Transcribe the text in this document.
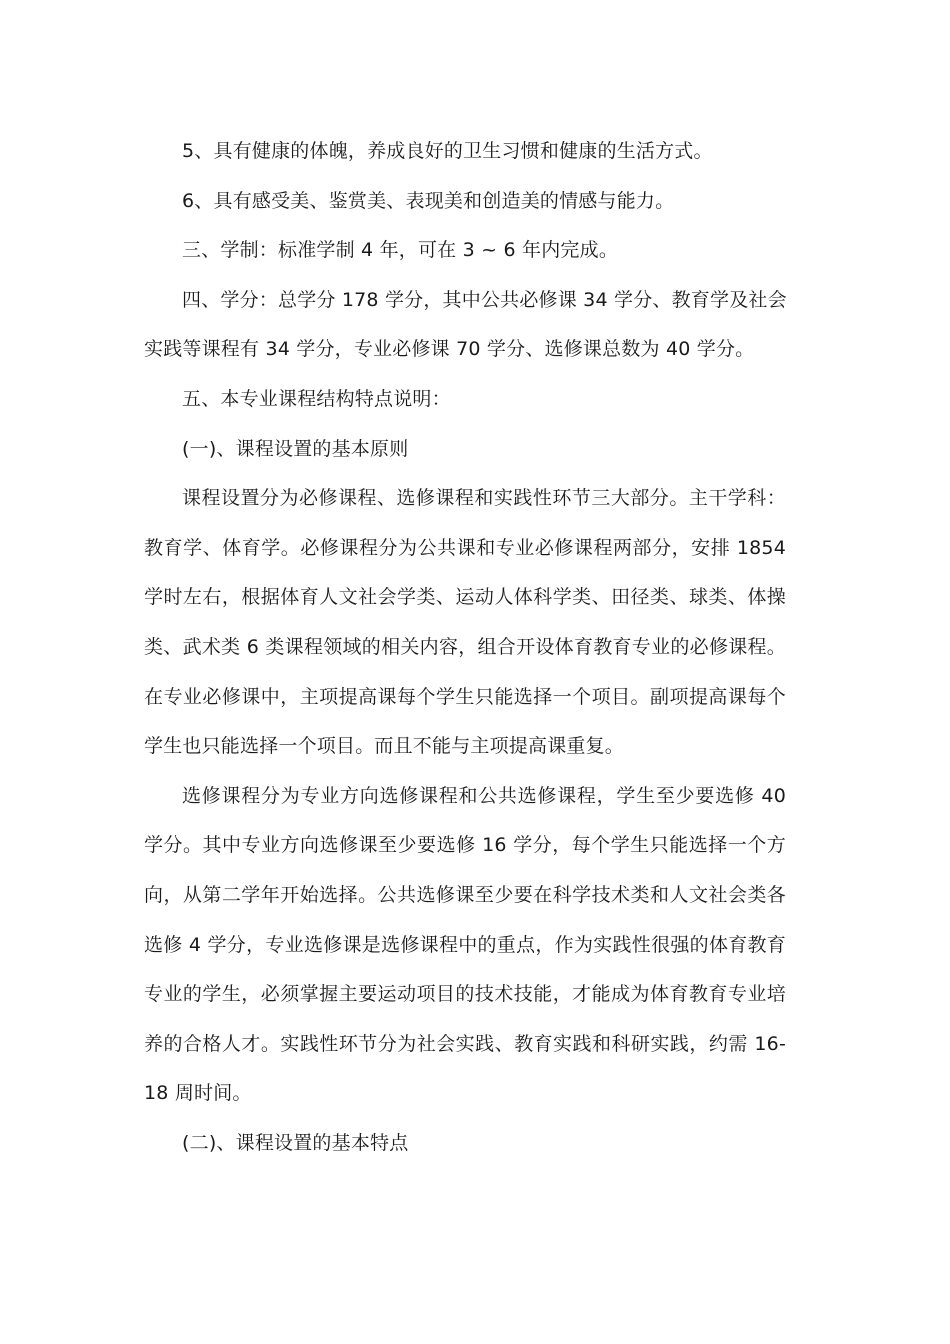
5、具有健康的体魄，养成良好的卫生习惯和健康的生活方式。

6、具有感受美、鉴赏美、表现美和创造美的情感与能力。

三、学制：标准学制 4 年，可在 3 ~ 6 年内完成。

四、学分：总学分 178 学分，其中公共必修课 34 学分、教育学及社会
实践等课程有 34 学分，专业必修课 70 学分、选修课总数为 40 学分。

五、本专业课程结构特点说明：

(一)、课程设置的基本原则

课程设置分为必修课程、选修课程和实践性环节三大部分。主干学科：
教育学、体育学。必修课程分为公共课和专业必修课程两部分，安排 1854
学时左右，根据体育人文社会学类、运动人体科学类、田径类、球类、体操
类、武术类 6 类课程领域的相关内容，组合开设体育教育专业的必修课程。
在专业必修课中，主项提高课每个学生只能选择一个项目。副项提高课每个
学生也只能选择一个项目。而且不能与主项提高课重复。

选修课程分为专业方向选修课程和公共选修课程，学生至少要选修 40
学分。其中专业方向选修课至少要选修 16 学分，每个学生只能选择一个方
向，从第二学年开始选择。公共选修课至少要在科学技术类和人文社会类各
选修 4 学分，专业选修课是选修课程中的重点，作为实践性很强的体育教育
专业的学生，必须掌握主要运动项目的技术技能，才能成为体育教育专业培
养的合格人才。实践性环节分为社会实践、教育实践和科研实践，约需 16-
18 周时间。

(二)、课程设置的基本特点
